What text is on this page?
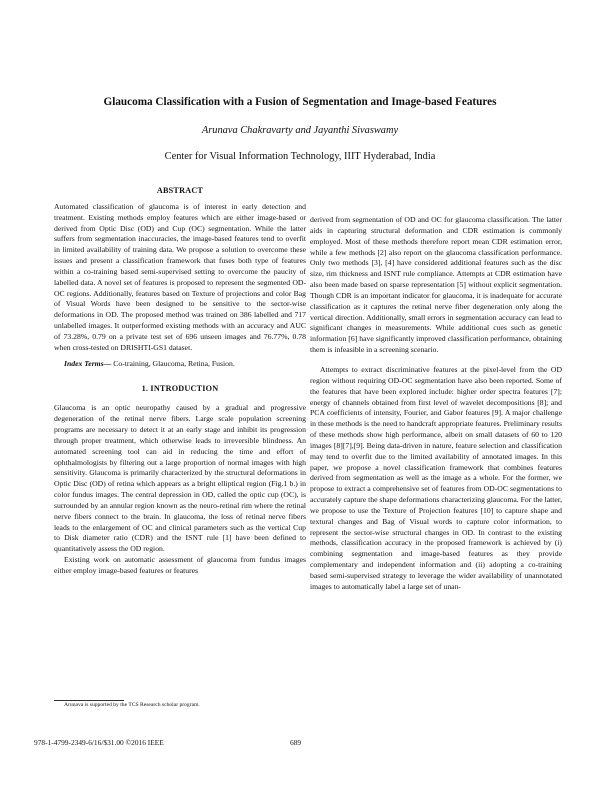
Glaucoma Classification with a Fusion of Segmentation and Image-based Features
Arunava Chakravarty and Jayanthi Sivaswamy
Center for Visual Information Technology, IIIT Hyderabad, India
ABSTRACT

Automated classification of glaucoma is of interest in early detection and treatment. Existing methods employ features which are either image-based or derived from Optic Disc (OD) and Cup (OC) segmentation. While the latter suffers from segmentation inaccuracies, the image-based features tend to overfit in limited availability of training data. We propose a solution to overcome these issues and present a classification framework that fuses both type of features within a co-training based semi-supervised setting to overcome the paucity of labelled data. A novel set of features is proposed to represent the segmented OD-OC regions. Additionally, features based on Texture of projections and color Bag of Visual Words have been designed to be sensitive to the sector-wise deformations in OD. The proposed method was trained on 386 labelled and 717 unlabelled images. It outperformed existing methods with an accuracy and AUC of 73.28%, 0.79 on a private test set of 696 unseen images and 76.77%, 0.78 when cross-tested on DRISHTI-GS1 dataset.

Index Terms— Co-training, Glaucoma, Retina, Fusion.

1. INTRODUCTION

Glaucoma is an optic neuropathy caused by a gradual and progressive degeneration of the retinal nerve fibers. Large scale population screening programs are necessary to detect it at an early stage and inhibit its progression through proper treatment, which otherwise leads to irreversible blindness. An automated screening tool can aid in reducing the time and effort of ophthalmologists by filtering out a large proportion of normal images with high sensitivity. Glaucoma is primarily characterized by the structural deformations in Optic Disc (OD) of retina which appears as a bright elliptical region (Fig.1 b.) in color fundus images. The central depression in OD, called the optic cup (OC), is surrounded by an annular region known as the neuro-retinal rim where the retinal nerve fibers connect to the brain. In glaucoma, the loss of retinal nerve fibers leads to the enlargement of OC and clinical parameters such as the vertical Cup to Disk diameter ratio (CDR) and the ISNT rule [1] have been defined to quantitatively assess the OD region.

Existing work on automatic assessment of glaucoma from fundus images either employ image-based features or features

derived from segmentation of OD and OC for glaucoma classification. The latter aids in capturing structural deformation and CDR estimation is commonly employed. Most of these methods therefore report mean CDR estimation error, while a few methods [2] also report on the glaucoma classification performance. Only two methods [3], [4] have considered additional features such as the disc size, rim thickness and ISNT rule compliance. Attempts at CDR estimation have also been made based on sparse representation [5] without explicit segmentation. Though CDR is an important indicator for glaucoma, it is inadequate for accurate classification as it captures the retinal nerve fiber degeneration only along the vertical direction. Additionally, small errors in segmentation accuracy can lead to significant changes in measurements. While additional cues such as genetic information [6] have significantly improved classification performance, obtaining them is infeasible in a screening scenario.

Attempts to extract discriminative features at the pixel-level from the OD region without requiring OD-OC segmentation have also been reported. Some of the features that have been explored include: higher order spectra features [7]; energy of channels obtained from first level of wavelet decompositions [8]; and PCA coefficients of intensity, Fourier, and Gabor features [9]. A major challenge in these methods is the need to handcraft appropriate features. Preliminary results of these methods show high performance, albeit on small datasets of 60 to 120 images [8][7],[9]. Being data-driven in nature, feature selection and classification may tend to overfit due to the limited availability of annotated images. In this paper, we propose a novel classification framework that combines features derived from segmentation as well as the image as a whole. For the former, we propose to extract a comprehensive set of features from OD-OC segmentations to accurately capture the shape deformations characterizing glaucoma. For the latter, we propose to use the Texture of Projection features [10] to capture shape and textural changes and Bag of Visual words to capture color information, to represent the sector-wise structural changes in OD. In contrast to the existing methods, classification accuracy in the proposed framework is achieved by (i) combining segmentation and image-based features as they provide complementary and independent information and (ii) adopting a co-training based semi-supervised strategy to leverage the wider availability of unannotated images to automatically label a large set of unan-

Arunava is supported by the TCS Research scholar program.
978-1-4799-2349-6/16/$31.00 ©2016 IEEE	689
